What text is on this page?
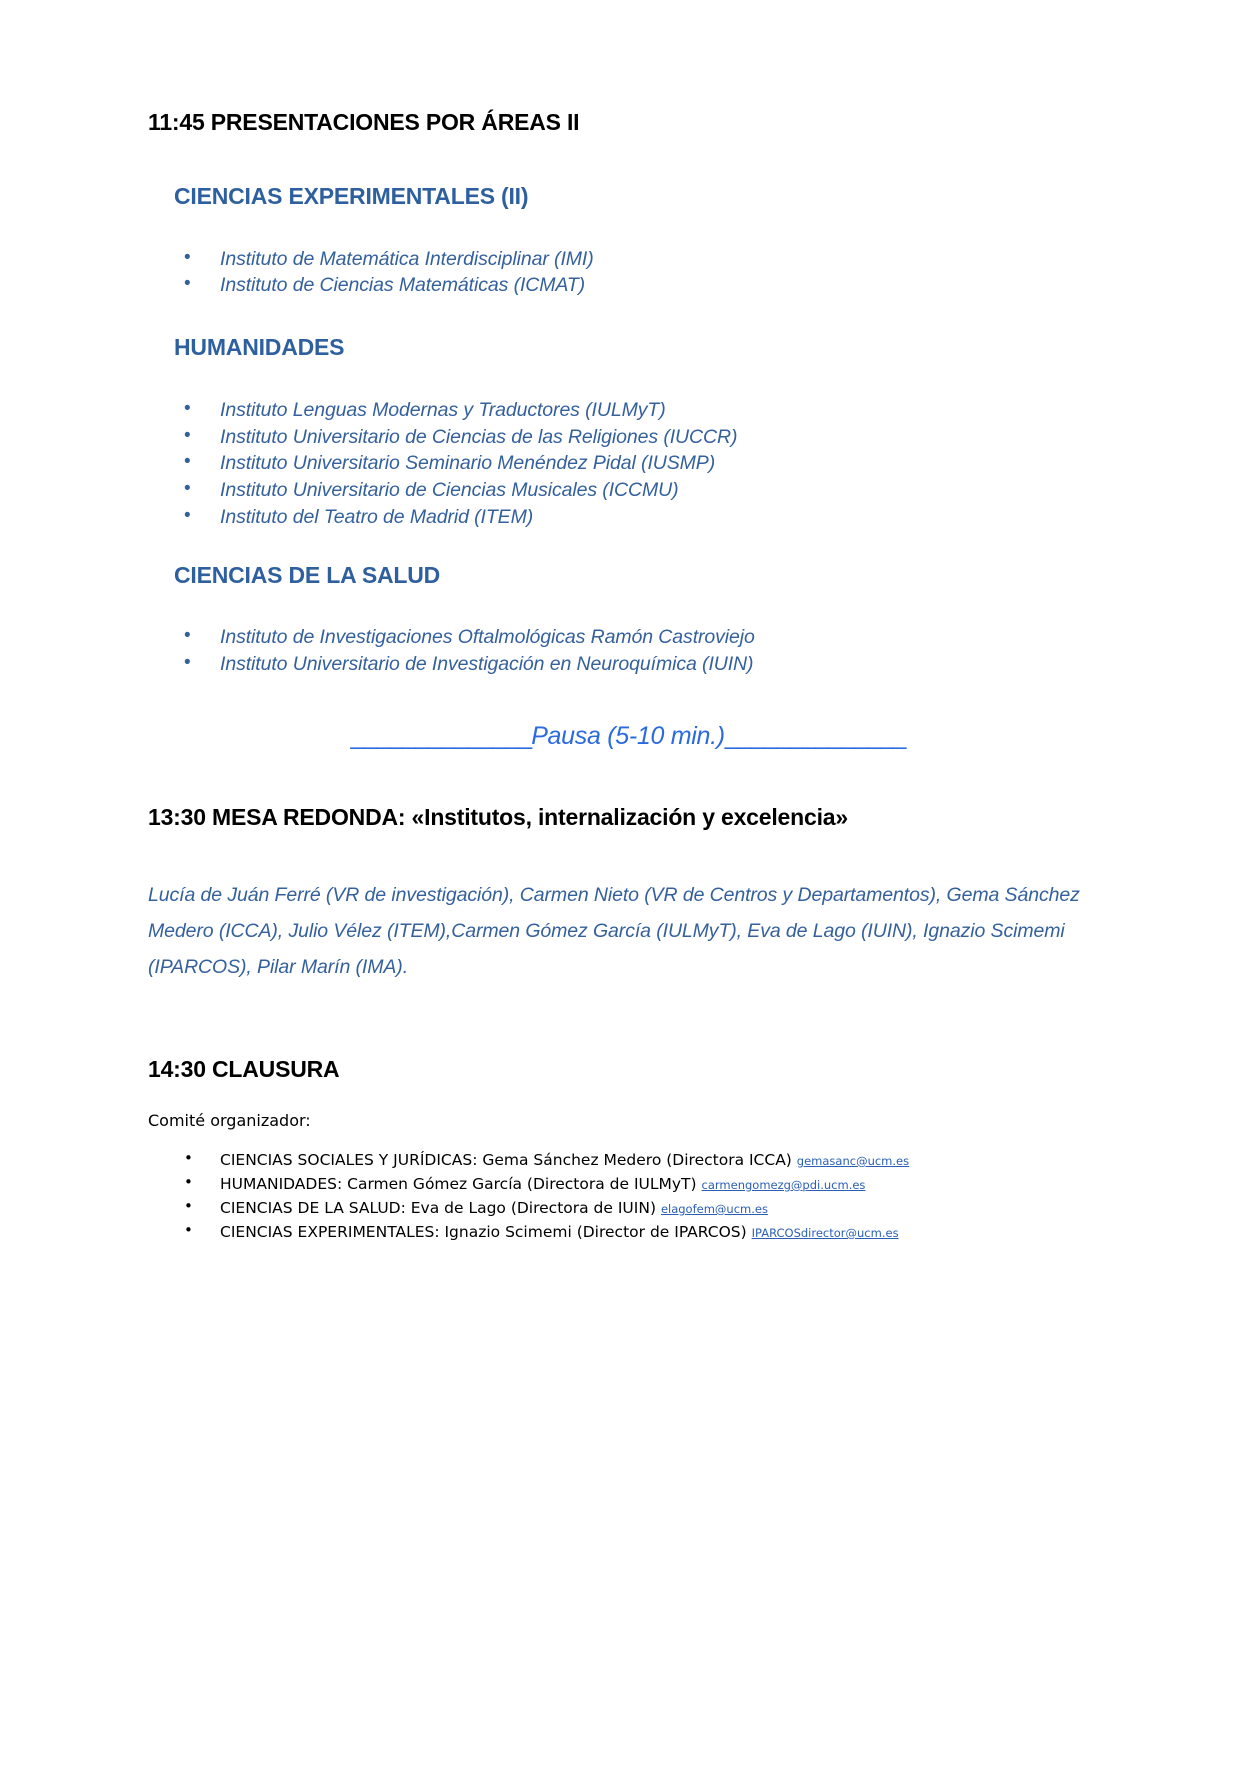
11:45 PRESENTACIONES POR ÁREAS II
CIENCIAS EXPERIMENTALES (II)
• Instituto de Matemática Interdisciplinar (IMI)
• Instituto de Ciencias Matemáticas (ICMAT)
HUMANIDADES
• Instituto Lenguas Modernas y Traductores (IULMyT)
• Instituto Universitario de Ciencias de las Religiones (IUCCR)
• Instituto Universitario Seminario Menéndez Pidal (IUSMP)
• Instituto Universitario de Ciencias Musicales (ICCMU)
• Instituto del Teatro de Madrid (ITEM)
CIENCIAS DE LA SALUD
• Instituto de Investigaciones Oftalmológicas Ramón Castroviejo
• Instituto Universitario de Investigación en Neuroquímica (IUIN)
______________Pausa (5-10 min.)______________
13:30 MESA REDONDA: «Institutos, internalización y excelencia»

Lucía de Juán Ferré (VR de investigación), Carmen Nieto (VR de Centros y Departamentos), Gema Sánchez Medero (ICCA), Julio Vélez (ITEM),Carmen Gómez García (IULMyT), Eva de Lago (IUIN), Ignazio Scimemi (IPARCOS), Pilar Marín (IMA).

14:30 CLAUSURA

Comité organizador:

• CIENCIAS SOCIALES Y JURÍDICAS: Gema Sánchez Medero (Directora ICCA) gemasanc@ucm.es
• HUMANIDADES: Carmen Gómez García (Directora de IULMyT) carmengomezg@pdi.ucm.es
• CIENCIAS DE LA SALUD: Eva de Lago (Directora de IUIN) elagofem@ucm.es
• CIENCIAS EXPERIMENTALES: Ignazio Scimemi (Director de IPARCOS) IPARCOSdirector@ucm.es
